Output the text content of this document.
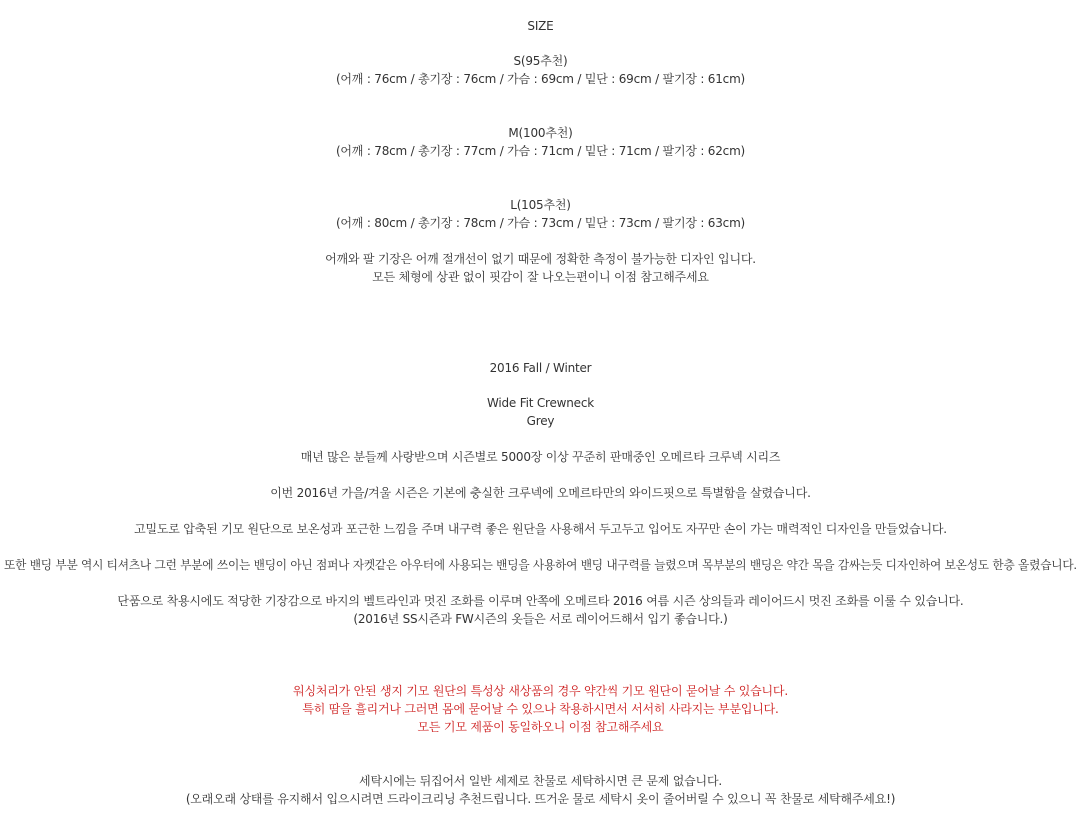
SIZE
S(95추천)
(어깨 : 76cm / 총기장 : 76cm / 가슴 : 69cm / 밑단 : 69cm / 팔기장 : 61cm)
M(100추천)
(어깨 : 78cm / 총기장 : 77cm / 가슴 : 71cm / 밑단 : 71cm / 팔기장 : 62cm)
L(105추천)
(어깨 : 80cm / 총기장 : 78cm / 가슴 : 73cm / 밑단 : 73cm / 팔기장 : 63cm)
어깨와 팔 기장은 어깨 절개선이 없기 때문에 정확한 측정이 불가능한 디자인 입니다.
모든 체형에 상관 없이 핏감이 잘 나오는편이니 이점 참고해주세요
2016 Fall / Winter
Wide Fit Crewneck
Grey
매년 많은 분들께 사랑받으며 시즌별로 5000장 이상 꾸준히 판매중인 오메르타 크루넥 시리즈
이번 2016년 가을/겨울 시즌은 기본에 충실한 크루넥에 오메르타만의 와이드핏으로 특별함을 살렸습니다.
고밀도로 압축된 기모 원단으로 보온성과 포근한 느낌을 주며 내구력 좋은 원단을 사용해서 두고두고 입어도 자꾸만 손이 가는 매력적인 디자인을 만들었습니다.
또한 밴딩 부분 역시 티셔츠나 그런 부분에 쓰이는 밴딩이 아닌 점퍼나 자켓같은 아우터에 사용되는 밴딩을 사용하여 밴딩 내구력를 늘렸으며 목부분의 밴딩은 약간 목을 감싸는듯 디자인하여 보온성도 한층 올렸습니다.
단품으로 착용시에도 적당한 기장감으로 바지의 벨트라인과 멋진 조화를 이루며 안쪽에 오메르타 2016 여름 시즌 상의들과 레이어드시 멋진 조화를 이룰 수 있습니다.
(2016년 SS시즌과 FW시즌의 옷들은 서로 레이어드해서 입기 좋습니다.)
워싱처리가 안된 생지 기모 원단의 특성상 새상품의 경우 약간씩 기모 원단이 묻어날 수 있습니다.
특히 땀을 흘리거나 그러면 몸에 묻어날 수 있으나 착용하시면서 서서히 사라지는 부분입니다.
모든 기모 제품이 동일하오니 이점 참고해주세요
세탁시에는 뒤집어서 일반 세제로 찬물로 세탁하시면 큰 문제 없습니다.
(오래오래 상태를 유지해서 입으시려면 드라이크리닝 추천드립니다. 뜨거운 물로 세탁시 옷이 줄어버릴 수 있으니 꼭 찬물로 세탁해주세요!)
